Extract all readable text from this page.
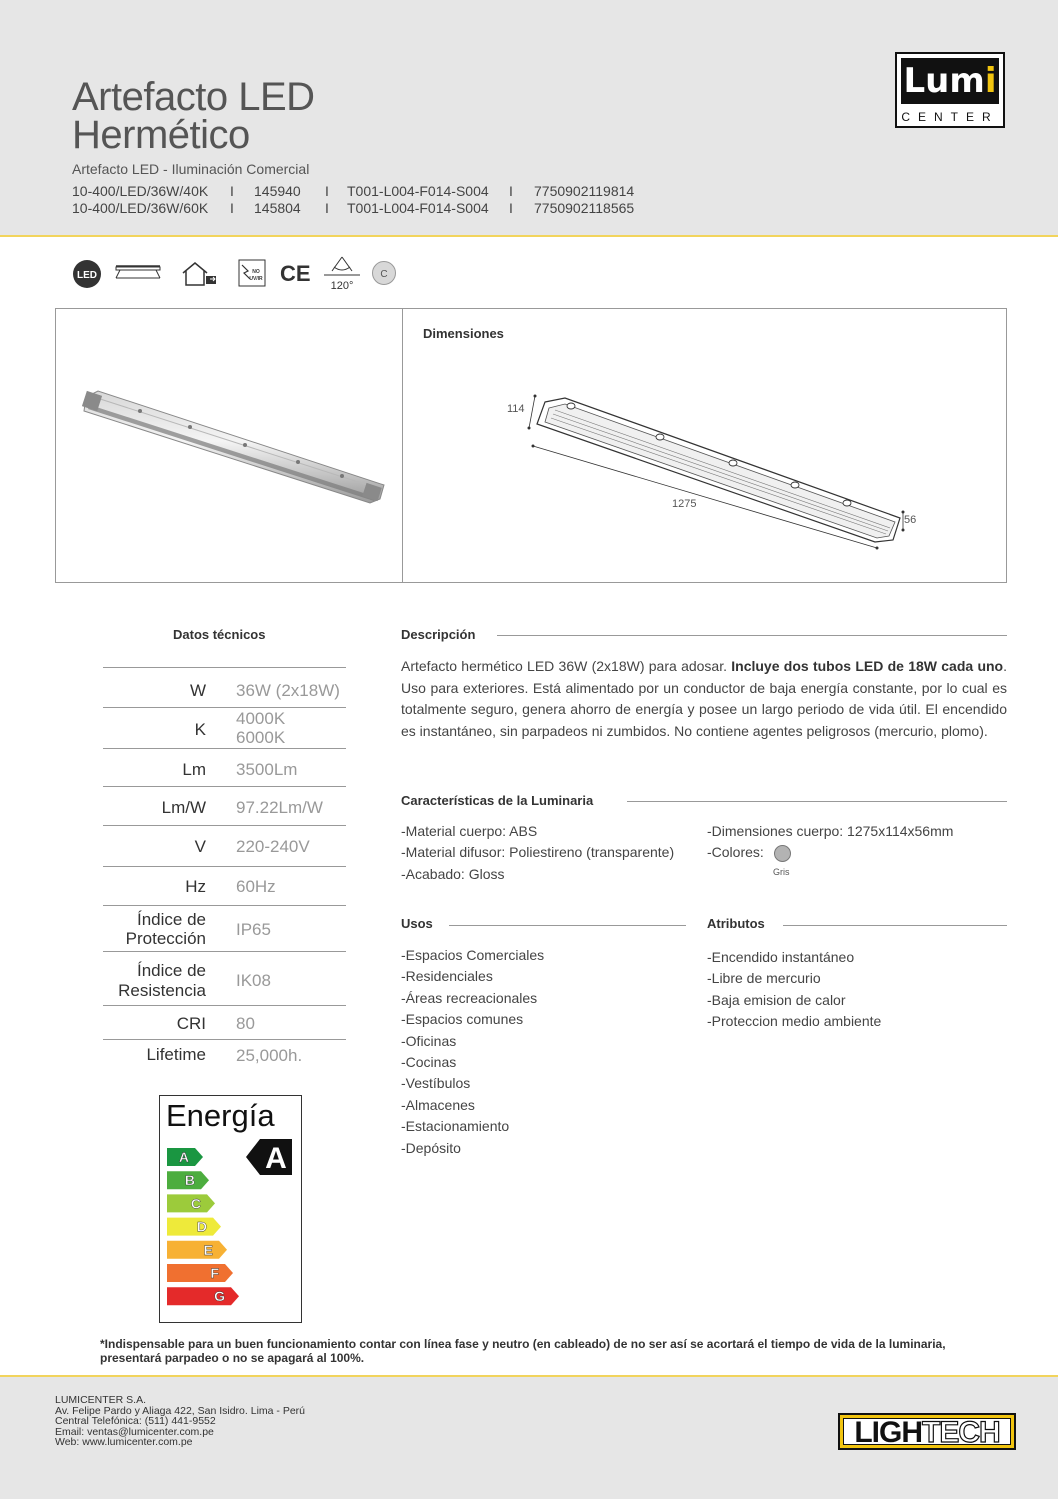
Artefacto LED
Hermético
Artefacto LED - Iluminación Comercial
10-400/LED/36W/40K I 145940 I T001-L004-F014-S004 I 7750902119814
10-400/LED/36W/60K I 145804 I T001-L004-F014-S004 I 7750902118565
Lumi
CENTER
LED	NO
UV/IR CE 120°
C
Dimensiones
114
1275
56
Datos técnicos
W 36W (2x18W)
K
4000K
6000K
Lm 3500Lm
Lm/W 97.22Lm/W
V 220-240V
Hz 60Hz
Índice de
Protección IP65
Índice de
Resistencia
IK08
CRI 80
Lifetime 25,000h.
Energía
A
B
C
D
E
F
G
A
Descripción
Artefacto hermético LED 36W (2x18W) para adosar. Incluye dos tubos LED de 18W cada uno. Uso para exteriores. Está alimentado por un conductor de baja energía constante, por lo cual es totalmente seguro, genera ahorro de energía y posee un largo periodo de vida útil. El encendido es instantáneo, sin parpadeos ni zumbidos. No contiene agentes peligrosos (mercurio, plomo).
Características de la Luminaria
-Material cuerpo: ABS
-Material difusor: Poliestireno (transparente)
-Acabado: Gloss
-Dimensiones cuerpo: 1275x114x56mm
-Colores:
Gris
Usos
-Espacios Comerciales
-Residenciales
-Áreas recreacionales
-Espacios comunes
-Oficinas
-Cocinas
-Vestíbulos
-Almacenes
-Estacionamiento
-Depósito
Atributos
-Encendido instantáneo
-Libre de mercurio
-Baja emision de calor
-Proteccion medio ambiente
*Indispensable para un buen funcionamiento contar con línea fase y neutro (en cableado) de no ser así se acortará el tiempo de vida de la luminaria,
presentará parpadeo o no se apagará al 100%.
LUMICENTER S.A.
Av. Felipe Pardo y Aliaga 422, San Isidro. Lima - Perú
Central Telefónica: (511) 441-9552
Email: ventas@lumicenter.com.pe
Web: www.lumicenter.com.pe	LIGHTECH
